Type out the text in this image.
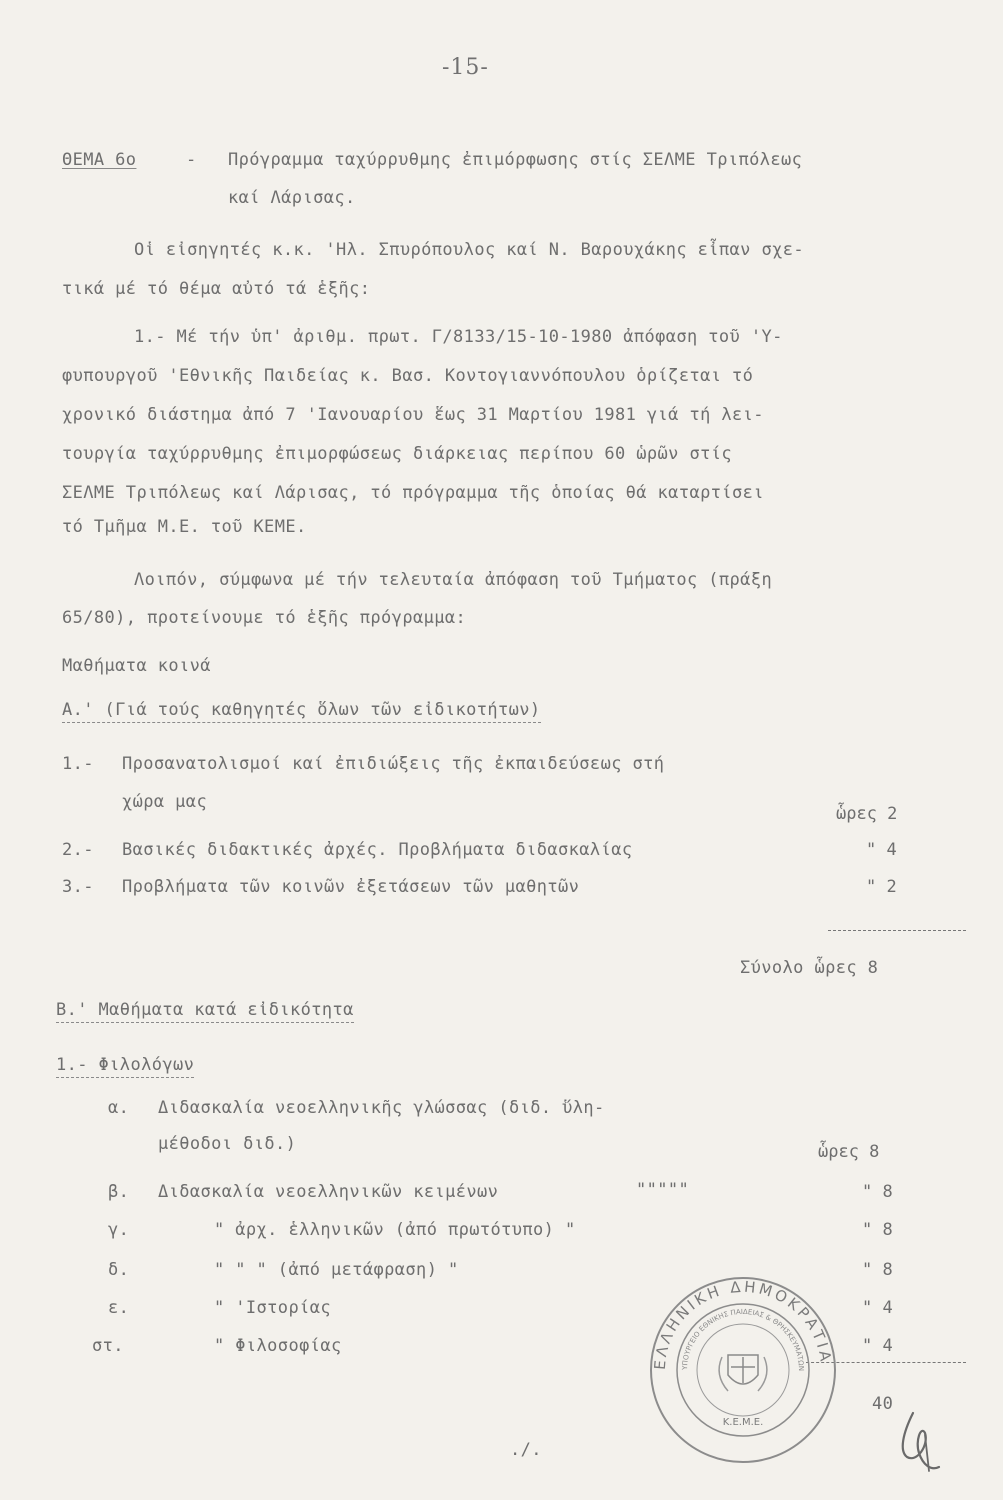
-15-
ΘΕΜΑ 6ο	- Πρόγραμμα ταχύρρυθμης ἐπιμόρφωσης στίς ΣΕΛΜΕ Τριπόλεως
καί Λάρισας.
Οἱ εἰσηγητές κ.κ. 'Ηλ. Σπυρόπουλος καί Ν. Βαρουχάκης εἶπαν σχε-
τικά μέ τό θέμα αὐτό τά ἑξῆς:
1.- Μέ τήν ὑπ' ἀριθμ. πρωτ. Γ/8133/15-10-1980 ἀπόφαση τοῦ 'Υ-
φυπουργοῦ 'Εθνικῆς Παιδείας κ. Βασ. Κοντογιαννόπουλου ὁρίζεται τό
χρονικό διάστημα ἀπό 7 'Ιανουαρίου ἕως 31 Μαρτίου 1981 γιά τή λει-
τουργία ταχύρρυθμης ἐπιμορφώσεως διάρκειας περίπου 60 ὡρῶν στίς
ΣΕΛΜΕ Τριπόλεως καί Λάρισας, τό πρόγραμμα τῆς ὁποίας θά καταρτίσει
τό Τμῆμα Μ.Ε. τοῦ ΚΕΜΕ.
Λοιπόν, σύμφωνα μέ τήν τελευταία ἀπόφαση τοῦ Τμήματος (πράξη
65/80), προτείνουμε τό ἑξῆς πρόγραμμα:
Μαθήματα κοινά
Α.' (Γιά τούς καθηγητές ὅλων τῶν εἰδικοτήτων)
1.- Προσανατολισμοί καί ἐπιδιώξεις τῆς ἐκπαιδεύσεως στή
χώρα μας
ὧρες 2
2.- Βασικές διδακτικές ἀρχές. Προβλήματα διδασκαλίας	" 4
3.- Προβλήματα τῶν κοινῶν ἐξετάσεων τῶν μαθητῶν	" 2
Σύνολο ὧρες 8
Β.' Μαθήματα κατά εἰδικότητα
1.- Φιλολόγων
α. Διδασκαλία νεοελληνικῆς γλώσσας (διδ. ὕλη-
μέθοδοι διδ.)	ὧρες 8
β. Διδασκαλία νεοελληνικῶν κειμένων	"""""	" 8
γ.	" ἀρχ. ἑλληνικῶν (ἀπό πρωτότυπο) "	" 8
δ.	" " " (ἀπό μετάφραση) "	" 8
ε.	" 'Ιστορίας	" 4
στ.	" Φιλοσοφίας	" 4
40
./.
ΕΛΛΗΝΙΚΗ ΔΗΜΟΚΡΑΤΙΑ
ΥΠΟΥΡΓΕΙΟ ΕΘΝΙΚΗΣ ΠΑΙΔΕΙΑΣ & ΘΡΗΣΚΕΥΜΑΤΩΝ
Κ.Ε.Μ.Ε.
